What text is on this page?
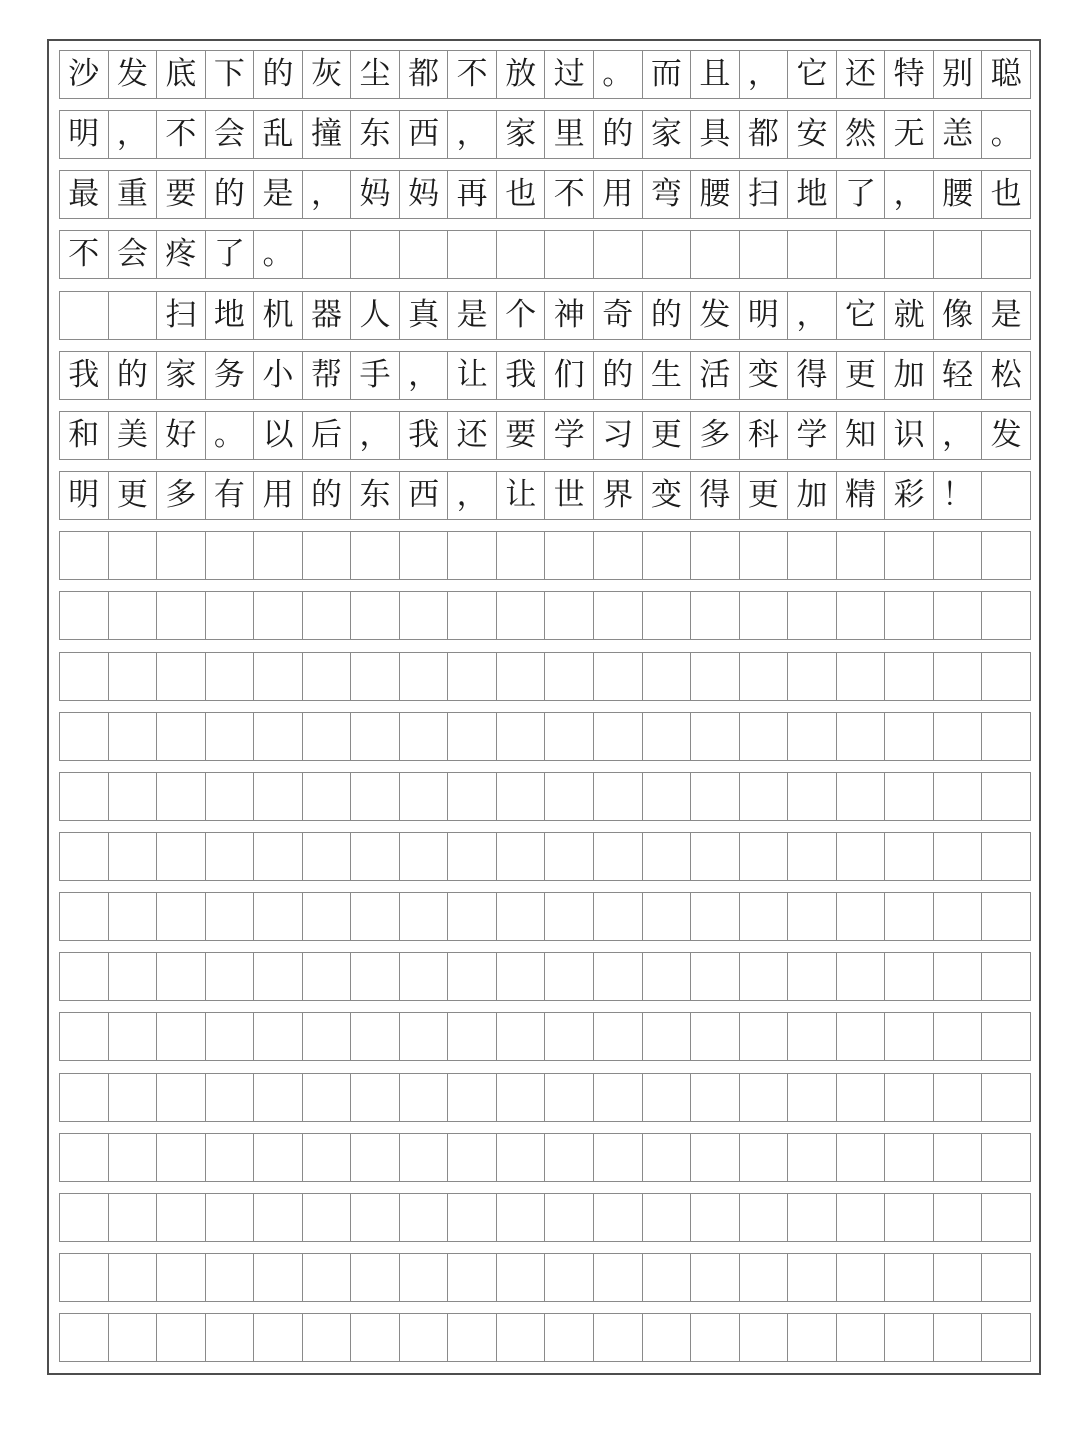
沙 发 底 下 的 灰 尘 都 不 放 过 。 而 且 ， 它 还 特 别 聪
明 ， 不 会 乱 撞 东 西 ， 家 里 的 家 具 都 安 然 无 恙 。
最 重 要 的 是 ， 妈 妈 再 也 不 用 弯 腰 扫 地 了 ， 腰 也
不 会 疼 了 。
扫 地 机 器 人 真 是 个 神 奇 的 发 明 ， 它 就 像 是
我 的 家 务 小 帮 手 ， 让 我 们 的 生 活 变 得 更 加 轻 松
和 美 好 。 以 后 ， 我 还 要 学 习 更 多 科 学 知 识 ， 发
明 更 多 有 用 的 东 西 ， 让 世 界 变 得 更 加 精 彩 ！
